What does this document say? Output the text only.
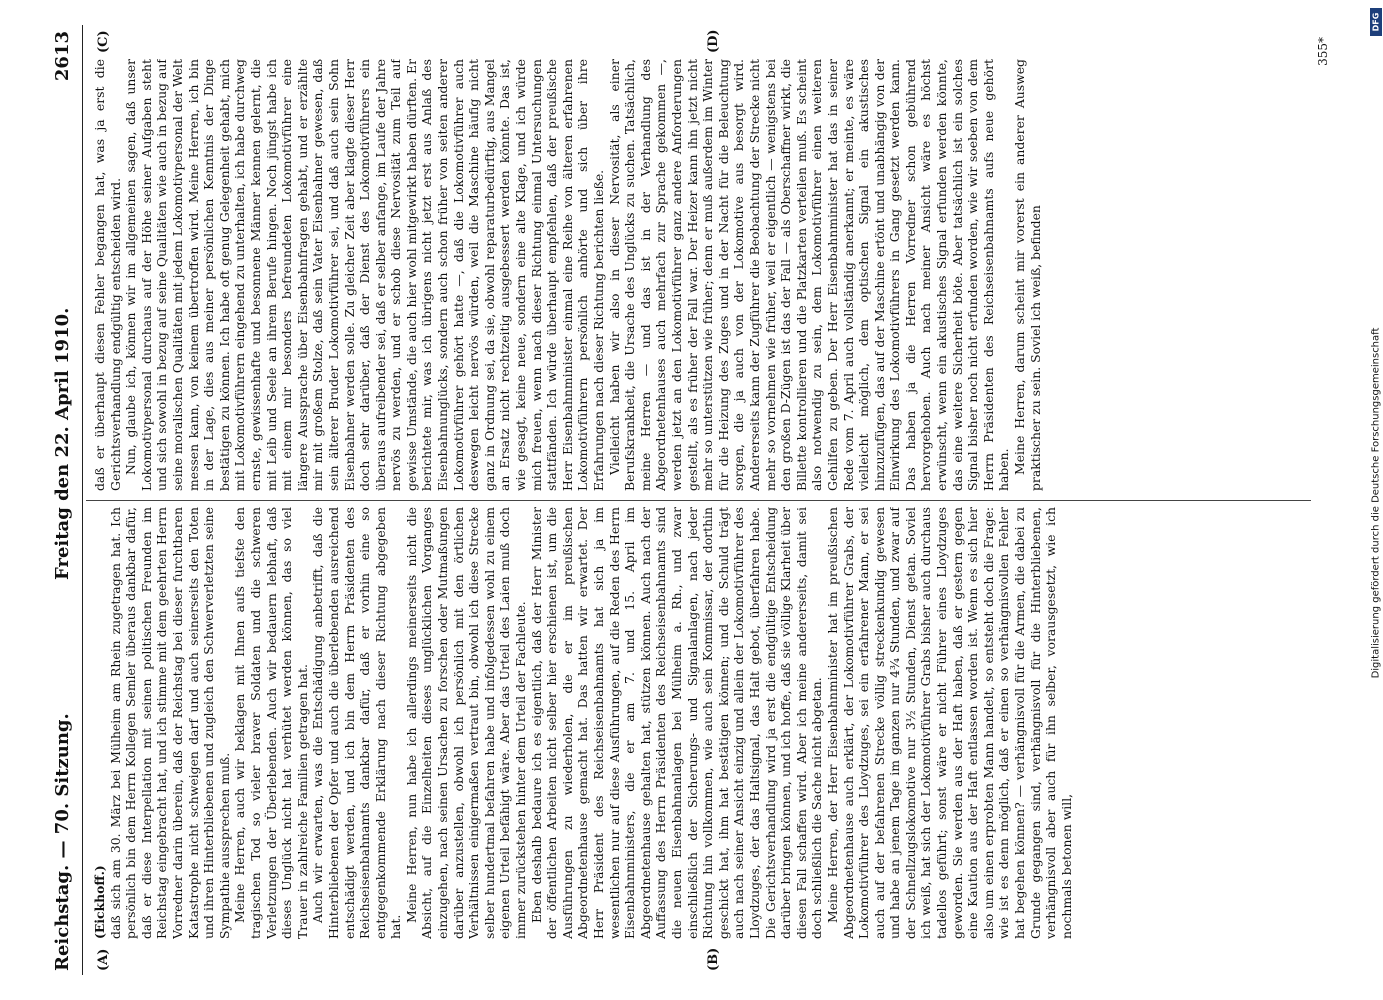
Reichstag. — 70. Sitzung.
Freitag den 22. April 1910.
2613
(A)	(B)
(C)	(D)

(Eickhoff.) daß sich am 30. März bei Mülheim am Rhein zugetragen hat. Ich persönlich bin dem Herrn Kollegen Semler überaus dankbar dafür, daß er diese Interpellation mit seinen politischen Freunden im Reichstag eingebracht hat, und ich stimme mit dem geehrten Herrn Vorredner darin überein, daß der Reichstag bei dieser furchtbaren Katastrophe nicht schweigen darf und auch seinerseits den Toten und ihren Hinterbliebenen und zugleich den Schwerverletzten seine Sympathie aussprechen muß. Meine Herren, auch wir beklagen mit Ihnen aufs tiefste den tragischen Tod so vieler braver Soldaten und die schweren Verletzungen der Überlebenden. Auch wir bedauern lebhaft, daß dieses Unglück nicht hat verhütet werden können, das so viel Trauer in zahlreiche Familien getragen hat. Auch wir erwarten, was die Entschädigung anbetrifft, daß die Hinterbliebenen der Opfer und auch die überlebenden ausreichend entschädigt werden, und ich bin dem Herrn Präsidenten des Reichseisenbahnamts dankbar dafür, daß er vorhin eine so entgegenkommende Erklärung nach dieser Richtung abgegeben hat.

Meine Herren, nun habe ich allerdings meinerseits nicht die Absicht, auf die Einzelheiten dieses unglücklichen Vorganges einzugehen, nach seinen Ursachen zu forschen oder Mutmaßungen darüber anzustellen, obwohl ich persönlich mit den örtlichen Verhältnissen einigermaßen vertraut bin, obwohl ich diese Strecke selber hundertmal befahren habe und infolgedessen wohl zu einem eigenen Urteil befähigt wäre. Aber das Urteil des Laien muß doch immer zurückstehen hinter dem Urteil der Fachleute. Eben deshalb bedaure ich es eigentlich, daß der Herr Minister der öffentlichen Arbeiten nicht selber hier erschienen ist, um die Ausführungen zu wiederholen, die er im preußischen Abgeordnetenhause gemacht hat. Das hatten wir erwartet. Der Herr Präsident des Reichseisenbahnamts hat sich ja im wesentlichen nur auf diese Ausführungen, auf die Reden des Herrn Eisenbahnministers, die er am 7. und 15. April im Abgeordnetenhause gehalten hat, stützen können. Auch nach der Auffassung des Herrn Präsidenten des Reichseisenbahnamts sind die neuen Eisenbahnanlagen bei Mülheim a. Rh., und zwar einschließlich der Sicherungs- und Signalanlagen, nach jeder Richtung hin vollkommen, wie auch sein Kommissar, der dorthin geschickt hat, ihm hat bestätigen können; und die Schuld trägt auch nach seiner Ansicht einzig und allein der Lokomotivführer des Lloydzuges, der das Haltsignal, das Halt gebot, überfahren habe. Die Gerichtsverhandlung wird ja erst die endgültige Entscheidung darüber bringen können, und ich hoffe, daß sie völlige Klarheit über diesen Fall schaffen wird. Aber ich meine andererseits, damit sei doch schließlich die Sache nicht abgetan. Meine Herren, der Herr Eisenbahnminister hat im preußischen Abgeordnetenhause auch erklärt, der Lokomotivführer Grabs, der Lokomotivführer des Lloydzuges, sei ein erfahrener Mann, er sei auch auf der befahrenen Strecke völlig streckenkundig gewesen und habe an jenem Tage im ganzen nur 4¾ Stunden, und zwar auf der Schnellzugslokomotive nur 3½ Stunden, Dienst getan. Soviel ich weiß, hat sich der Lokomotivführer Grabs bisher auch durchaus tadellos geführt; sonst wäre er nicht Führer eines Lloydzuges geworden. Sie werden aus der Haft haben, daß er gestern gegen eine Kaution aus der Haft entlassen worden ist. Wenn es sich hier also um einen erprobten Mann handelt, so entsteht doch die Frage: wie ist es denn möglich, daß er einen so verhängnisvollen Fehler hat begehen können? — verhängnisvoll für die Armen, die dabei zu Grunde gegangen sind, verhängnisvoll für die Hinterbliebenen, verhängnisvoll aber auch für ihn selber, vorausgesetzt, wie ich nochmals betonen will,

daß er überhaupt diesen Fehler begangen hat, was ja erst die Gerichtsverhandlung endgültig entscheiden wird. Nun, glaube ich, können wir im allgemeinen sagen, daß unser Lokomotivpersonal durchaus auf der Höhe seiner Aufgaben steht und sich sowohl in bezug auf seine Qualitäten wie auch in bezug auf seine moralischen Qualitäten mit jedem Lokomotivpersonal der Welt messen kann, von keinem übertroffen wird. Meine Herren, ich bin in der Lage, dies aus meiner persönlichen Kenntnis der Dinge bestätigen zu können. Ich habe oft genug Gelegenheit gehabt, mich mit Lokomotivführern eingehend zu unterhalten, ich habe durchweg ernste, gewissenhafte und besonnene Männer kennen gelernt, die mit Leib und Seele an ihrem Berufe hingen. Noch jüngst habe ich mit einem mir besonders befreundeten Lokomotivführer eine längere Aussprache über Eisenbahnfragen gehabt, und er erzählte mir mit großem Stolze, daß sein Vater Eisenbahner gewesen, daß sein älterer Bruder Lokomotivführer sei, und daß auch sein Sohn Eisenbahner werden solle. Zu gleicher Zeit aber klagte dieser Herr doch sehr darüber, daß der Dienst des Lokomotivführers ein überaus aufreibender sei, daß er selber anfange, im Laufe der Jahre nervös zu werden, und er schob diese Nervosität zum Teil auf gewisse Umstände, die auch hier wohl mitgewirkt haben dürften. Er berichtete mir, was ich übrigens nicht jetzt erst aus Anlaß des Eisenbahnunglücks, sondern auch schon früher von seiten anderer Lokomotivführer gehört hatte —, daß die Lokomotivführer auch deswegen leicht nervös würden, weil die Maschine häufig nicht ganz in Ordnung sei, da sie, obwohl reparaturbedürftig, aus Mangel an Ersatz nicht rechtzeitig ausgebessert werden könnte. Das ist, wie gesagt, keine neue, sondern eine alte Klage, und ich würde mich freuen, wenn nach dieser Richtung einmal Untersuchungen stattfänden. Ich würde überhaupt empfehlen, daß der preußische Herr Eisenbahnminister einmal eine Reihe von älteren erfahrenen Lokomotivführern persönlich anhörte und sich über ihre Erfahrungen nach dieser Richtung berichten ließe. Vielleicht haben wir also in dieser Nervosität, als einer Berufskrankheit, die Ursache des Unglücks zu suchen. Tatsächlich, meine Herren — und das ist in der Verhandlung des Abgeordnetenhauses auch mehrfach zur Sprache gekommen —, werden jetzt an den Lokomotivführer ganz andere Anforderungen gestellt, als es früher der Fall war. Der Heizer kann ihn jetzt nicht mehr so unterstützen wie früher; denn er muß außerdem im Winter für die Heizung des Zuges und in der Nacht für die Beleuchtung sorgen, die ja auch von der Lokomotive aus besorgt wird. Andererseits kann der Zugführer die Beobachtung der Strecke nicht mehr so vornehmen wie früher, weil er eigentlich — wenigstens bei den großen D-Zügen ist das der Fall — als Oberschaffner wirkt, die Billette kontrollieren und die Platzkarten verteilen muß. Es scheint also notwendig zu sein, dem Lokomotivführer einen weiteren Gehilfen zu geben. Der Herr Eisenbahnminister hat das in seiner Rede vom 7. April auch vollständig anerkannt; er meinte, es wäre vielleicht möglich, dem optischen Signal ein akustisches hinzuzufügen, das auf der Maschine ertönt und unabhängig von der Einwirkung des Lokomotivführers in Gang gesetzt werden kann. Das haben ja die Herren Vorredner schon gebührend hervorgehoben. Auch nach meiner Ansicht wäre es höchst erwünscht, wenn ein akustisches Signal erfunden werden könnte, das eine weitere Sicherheit böte. Aber tatsächlich ist ein solches Signal bisher noch nicht erfunden worden, wie wir soeben von dem Herrn Präsidenten des Reichseisenbahnamts aufs neue gehört haben. Meine Herren, darum scheint mir vorerst ein anderer Ausweg praktischer zu sein. Soviel ich weiß, befinden

355*
DFG
Digitalisierung gefördert durch die Deutsche Forschungsgemeinschaft
